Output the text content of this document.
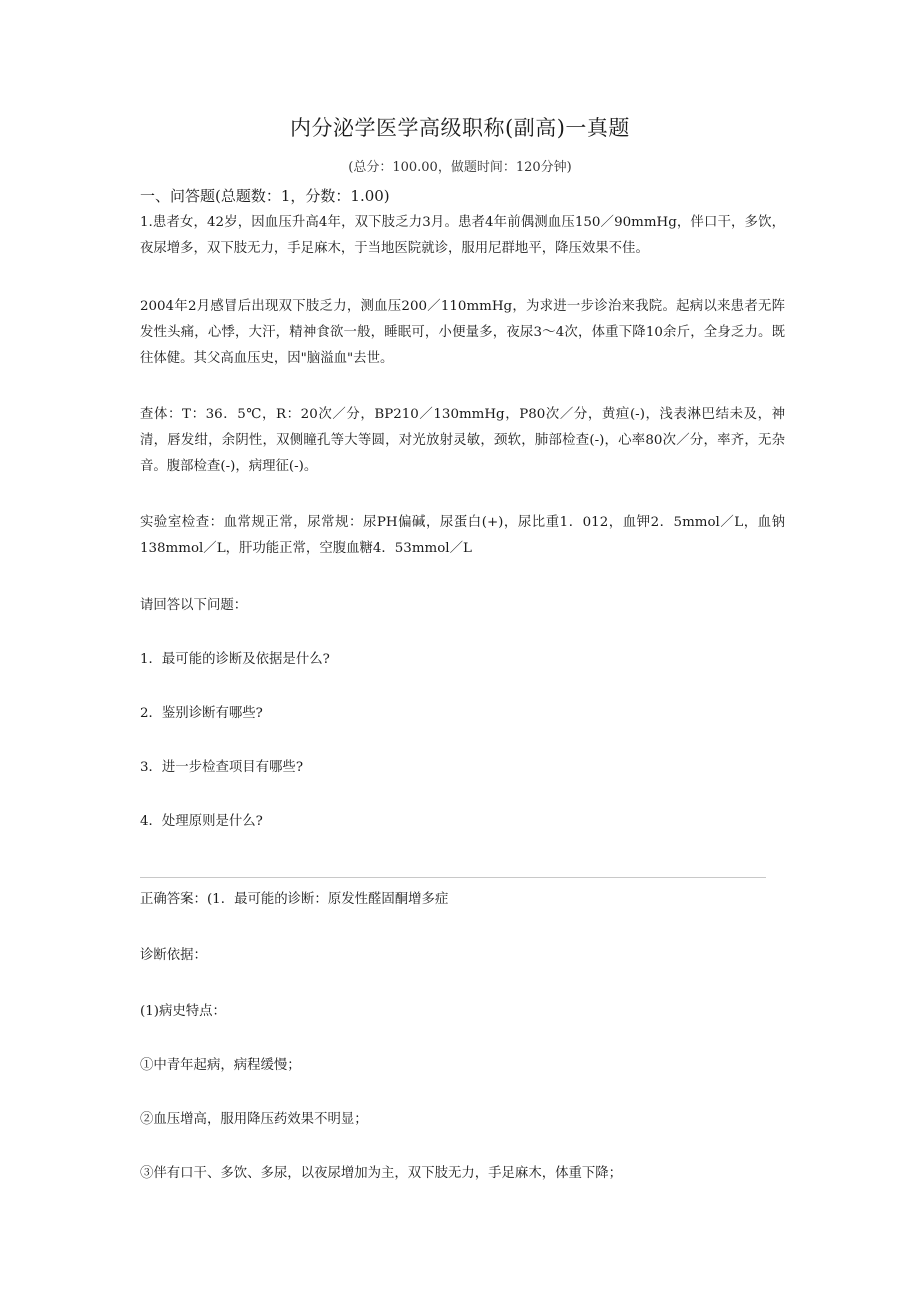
内分泌学医学高级职称(副高)一真题
(总分：100.00，做题时间：120分钟)
一、问答题(总题数：1，分数：1.00)

1.患者女，42岁，因血压升高4年，双下肢乏力3月。患者4年前偶测血压150／90mmHg，伴口干，多饮，夜尿增多，双下肢无力，手足麻木，于当地医院就诊，服用尼群地平，降压效果不佳。

2004年2月感冒后出现双下肢乏力，测血压200／110mmHg，为求进一步诊治来我院。起病以来患者无阵发性头痛，心悸，大汗，精神食欲一般，睡眠可，小便量多，夜尿3～4次，体重下降10余斤，全身乏力。既往体健。其父高血压史，因"脑溢血"去世。

查体：T：36．5℃，R：20次／分，BP210／130mmHg，P80次／分，黄疸(-)，浅表淋巴结未及，神清，唇发绀，余阴性，双侧瞳孔等大等圆，对光放射灵敏，颈软，肺部检查(-)，心率80次／分，率齐，无杂音。腹部检查(-)，病理征(-)。

实验室检查：血常规正常，尿常规：尿PH偏碱，尿蛋白(+)，尿比重1．012，血钾2．5mmol／L，血钠138mmol／L，肝功能正常，空腹血糖4．53mmol／L

请回答以下问题：

1．最可能的诊断及依据是什么?

2．鉴别诊断有哪些?

3．进一步检查项目有哪些?

4．处理原则是什么?

正确答案：(1．最可能的诊断：原发性醛固酮增多症

诊断依据：

(1)病史特点：

①中青年起病，病程缓慢；

②血压增高，服用降压药效果不明显；

③伴有口干、多饮、多尿，以夜尿增加为主，双下肢无力，手足麻木，体重下降；
